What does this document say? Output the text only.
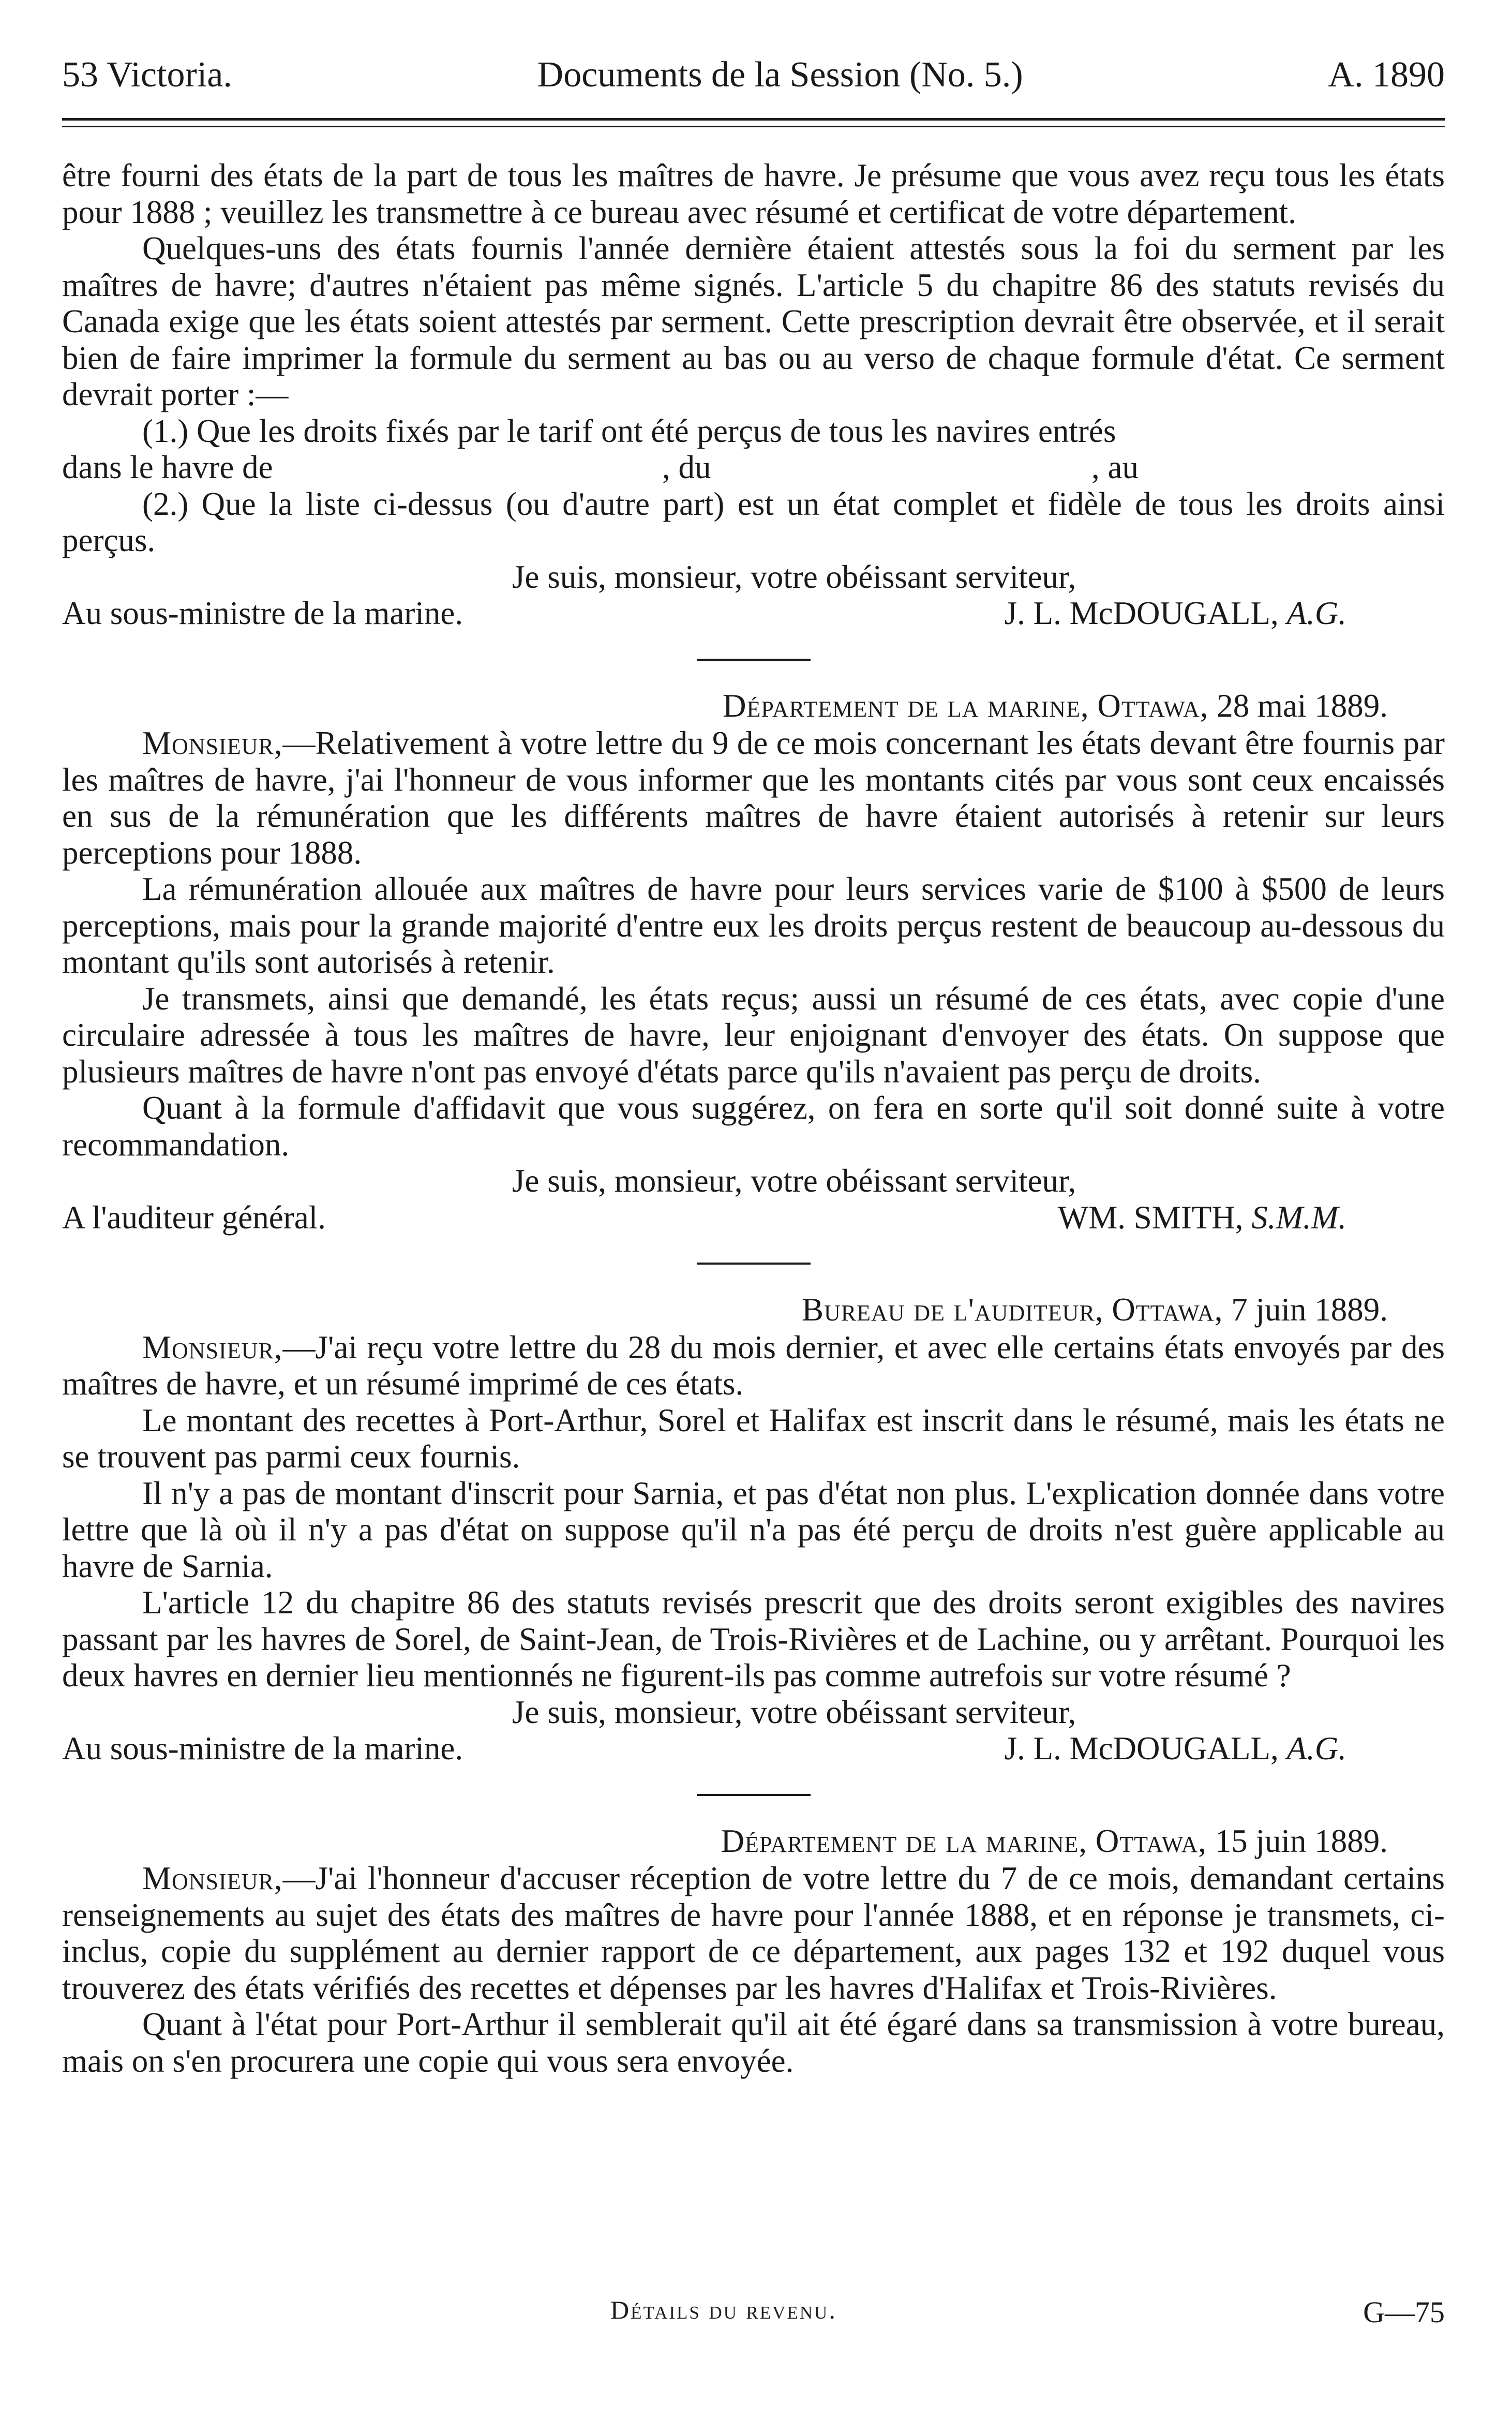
53 Victoria.	Documents de la Session (No. 5.)	A. 1890

être fourni des états de la part de tous les maîtres de havre. Je présume que vous avez reçu tous les états pour 1888 ; veuillez les transmettre à ce bureau avec résumé et certificat de votre département.

Quelques-uns des états fournis l'année dernière étaient attestés sous la foi du serment par les maîtres de havre; d'autres n'étaient pas même signés. L'article 5 du chapitre 86 des statuts revisés du Canada exige que les états soient attestés par serment. Cette prescription devrait être observée, et il serait bien de faire imprimer la formule du serment au bas ou au verso de chaque formule d'état. Ce serment devrait porter :—

(1.) Que les droits fixés par le tarif ont été perçus de tous les navires entrés

dans le havre de	, du	, au

(2.) Que la liste ci-dessus (ou d'autre part) est un état complet et fidèle de tous les droits ainsi perçus.

Je suis, monsieur, votre obéissant serviteur,

Au sous-ministre de la marine.	J. L. McDOUGALL, A.G.

Département de la marine, Ottawa, 28 mai 1889.

Monsieur,—Relativement à votre lettre du 9 de ce mois concernant les états devant être fournis par les maîtres de havre, j'ai l'honneur de vous informer que les montants cités par vous sont ceux encaissés en sus de la rémunération que les différents maîtres de havre étaient autorisés à retenir sur leurs perceptions pour 1888.

La rémunération allouée aux maîtres de havre pour leurs services varie de $100 à $500 de leurs perceptions, mais pour la grande majorité d'entre eux les droits perçus restent de beaucoup au-dessous du montant qu'ils sont autorisés à retenir.

Je transmets, ainsi que demandé, les états reçus; aussi un résumé de ces états, avec copie d'une circulaire adressée à tous les maîtres de havre, leur enjoignant d'envoyer des états. On suppose que plusieurs maîtres de havre n'ont pas envoyé d'états parce qu'ils n'avaient pas perçu de droits.

Quant à la formule d'affidavit que vous suggérez, on fera en sorte qu'il soit donné suite à votre recommandation.

Je suis, monsieur, votre obéissant serviteur,

A l'auditeur général.	WM. SMITH, S.M.M.

Bureau de l'auditeur, Ottawa, 7 juin 1889.

Monsieur,—J'ai reçu votre lettre du 28 du mois dernier, et avec elle certains états envoyés par des maîtres de havre, et un résumé imprimé de ces états.

Le montant des recettes à Port-Arthur, Sorel et Halifax est inscrit dans le résumé, mais les états ne se trouvent pas parmi ceux fournis.

Il n'y a pas de montant d'inscrit pour Sarnia, et pas d'état non plus. L'explication donnée dans votre lettre que là où il n'y a pas d'état on suppose qu'il n'a pas été perçu de droits n'est guère applicable au havre de Sarnia.

L'article 12 du chapitre 86 des statuts revisés prescrit que des droits seront exigibles des navires passant par les havres de Sorel, de Saint-Jean, de Trois-Rivières et de Lachine, ou y arrêtant. Pourquoi les deux havres en dernier lieu mentionnés ne figurent-ils pas comme autrefois sur votre résumé ?

Je suis, monsieur, votre obéissant serviteur,

Au sous-ministre de la marine.	J. L. McDOUGALL, A.G.

Département de la marine, Ottawa, 15 juin 1889.

Monsieur,—J'ai l'honneur d'accuser réception de votre lettre du 7 de ce mois, demandant certains renseignements au sujet des états des maîtres de havre pour l'année 1888, et en réponse je transmets, ci-inclus, copie du supplément au dernier rapport de ce département, aux pages 132 et 192 duquel vous trouverez des états vérifiés des recettes et dépenses par les havres d'Halifax et Trois-Rivières.

Quant à l'état pour Port-Arthur il semblerait qu'il ait été égaré dans sa transmission à votre bureau, mais on s'en procurera une copie qui vous sera envoyée.

Détails du revenu.	G—75
